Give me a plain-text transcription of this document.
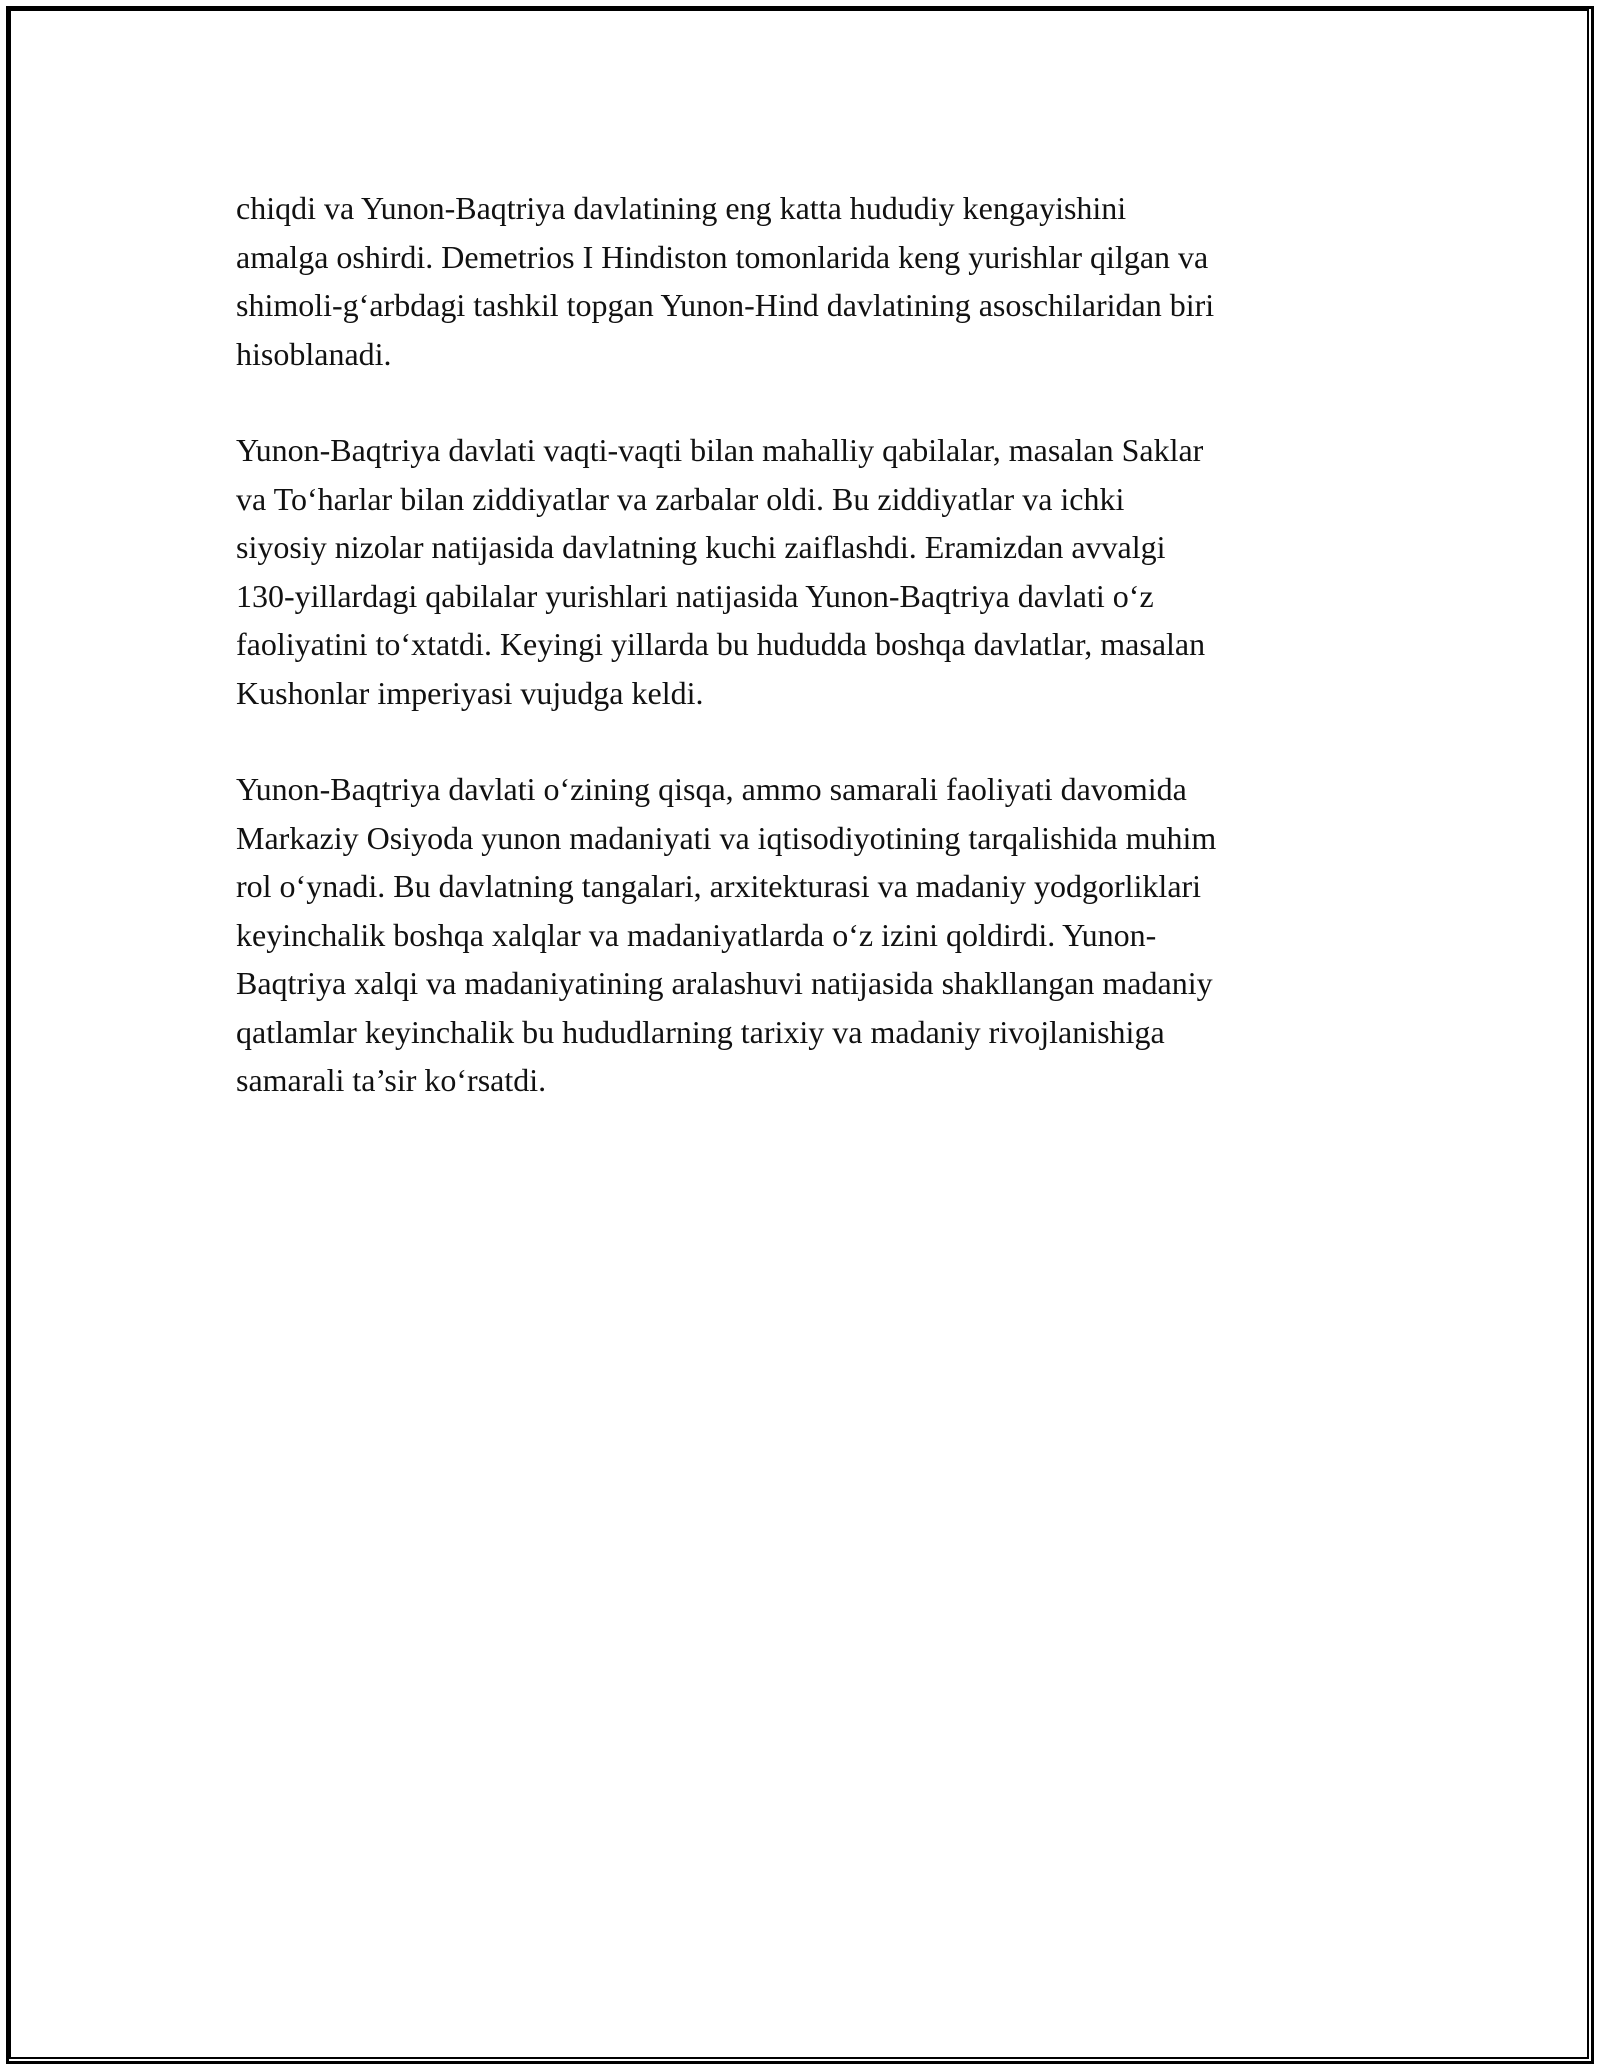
chiqdi va Yunon-Baqtriya davlatining eng katta hududiy kengayishini
amalga oshirdi. Demetrios I Hindiston tomonlarida keng yurishlar qilgan va
shimoli-g‘arbdagi tashkil topgan Yunon-Hind davlatining asoschilaridan biri
hisoblanadi.

Yunon-Baqtriya davlati vaqti-vaqti bilan mahalliy qabilalar, masalan Saklar
va To‘harlar bilan ziddiyatlar va zarbalar oldi. Bu ziddiyatlar va ichki
siyosiy nizolar natijasida davlatning kuchi zaiflashdi. Eramizdan avvalgi
130-yillardagi qabilalar yurishlari natijasida Yunon-Baqtriya davlati o‘z
faoliyatini to‘xtatdi. Keyingi yillarda bu hududda boshqa davlatlar, masalan
Kushonlar imperiyasi vujudga keldi.

Yunon-Baqtriya davlati o‘zining qisqa, ammo samarali faoliyati davomida
Markaziy Osiyoda yunon madaniyati va iqtisodiyotining tarqalishida muhim
rol o‘ynadi. Bu davlatning tangalari, arxitekturasi va madaniy yodgorliklari
keyinchalik boshqa xalqlar va madaniyatlarda o‘z izini qoldirdi. Yunon-
Baqtriya xalqi va madaniyatining aralashuvi natijasida shakllangan madaniy
qatlamlar keyinchalik bu hududlarning tarixiy va madaniy rivojlanishiga
samarali ta’sir ko‘rsatdi.
